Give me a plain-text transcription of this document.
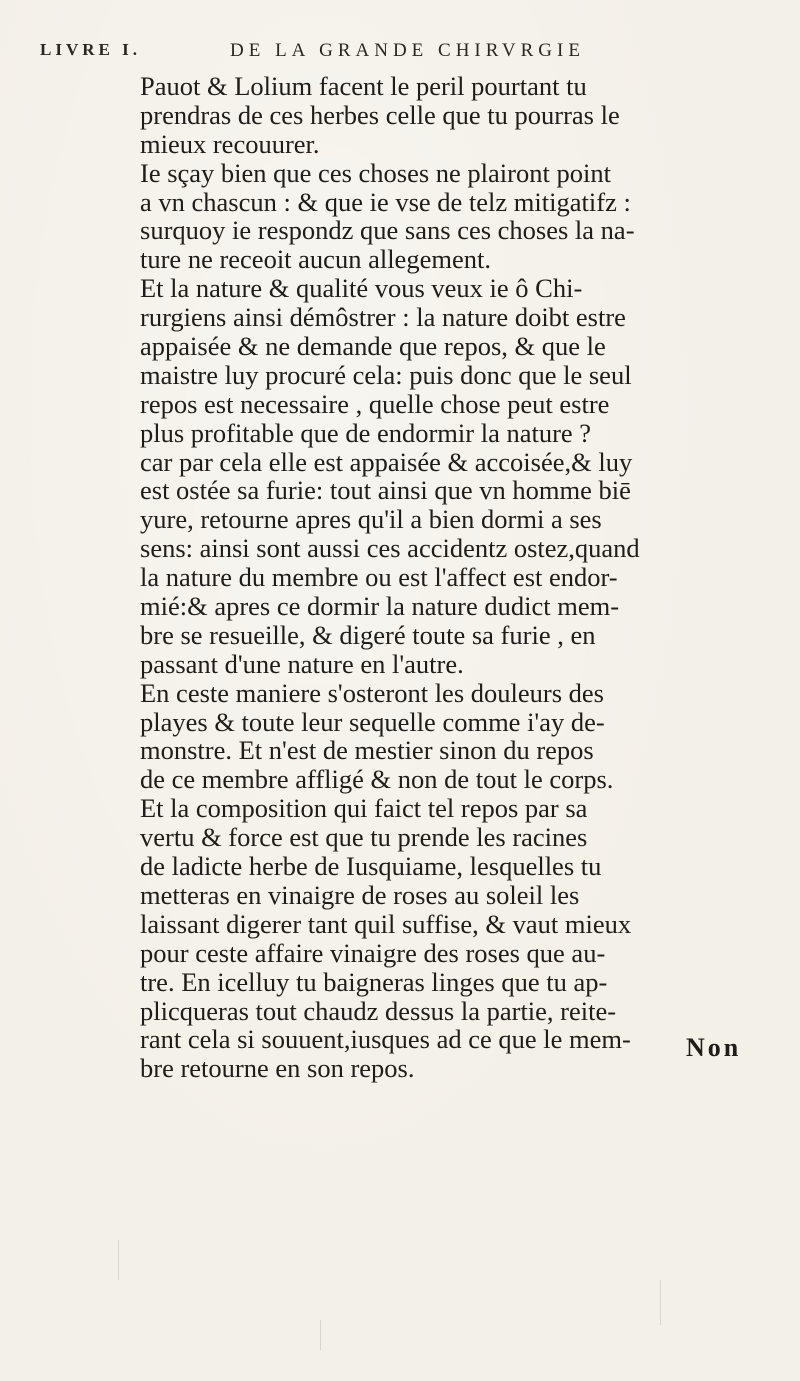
LIVRE I.	DE LA GRANDE CHIRVRGIE
Pauot & Lolium facent le peril pourtant tu
prendras de ces herbes celle que tu pourras le
mieux recouurer.
Ie sçay bien que ces choses ne plairont point
a vn chascun : & que ie vse de telz mitigatifz :
surquoy ie respondz que sans ces choses la na-
ture ne receoit aucun allegement.
Et la nature & qualité vous veux ie ô Chi-
rurgiens ainsi démôstrer : la nature doibt estre
appaisée & ne demande que repos, & que le
maistre luy procuré cela: puis donc que le seul
repos est necessaire , quelle chose peut estre
plus profitable que de endormir la nature ?
car par cela elle est appaisée & accoisée,& luy
est ostée sa furie: tout ainsi que vn homme biē
yure, retourne apres qu'il a bien dormi a ses
sens: ainsi sont aussi ces accidentz ostez,quand
la nature du membre ou est l'affect est endor-
mié:& apres ce dormir la nature dudict mem-
bre se resueille, & digeré toute sa furie , en
passant d'une nature en l'autre.
En ceste maniere s'osteront les douleurs des
playes & toute leur sequelle comme i'ay de-
monstre. Et n'est de mestier sinon du repos
de ce membre affligé & non de tout le corps.
Et la composition qui faict tel repos par sa
vertu & force est que tu prende les racines
de ladicte herbe de Iusquiame, lesquelles tu
metteras en vinaigre de roses au soleil les
laissant digerer tant quil suffise, & vaut mieux
pour ceste affaire vinaigre des roses que au-
tre. En icelluy tu baigneras linges que tu ap-
plicqueras tout chaudz dessus la partie, reite-
rant cela si souuent,iusques ad ce que le mem-
bre retourne en son repos.
Non
